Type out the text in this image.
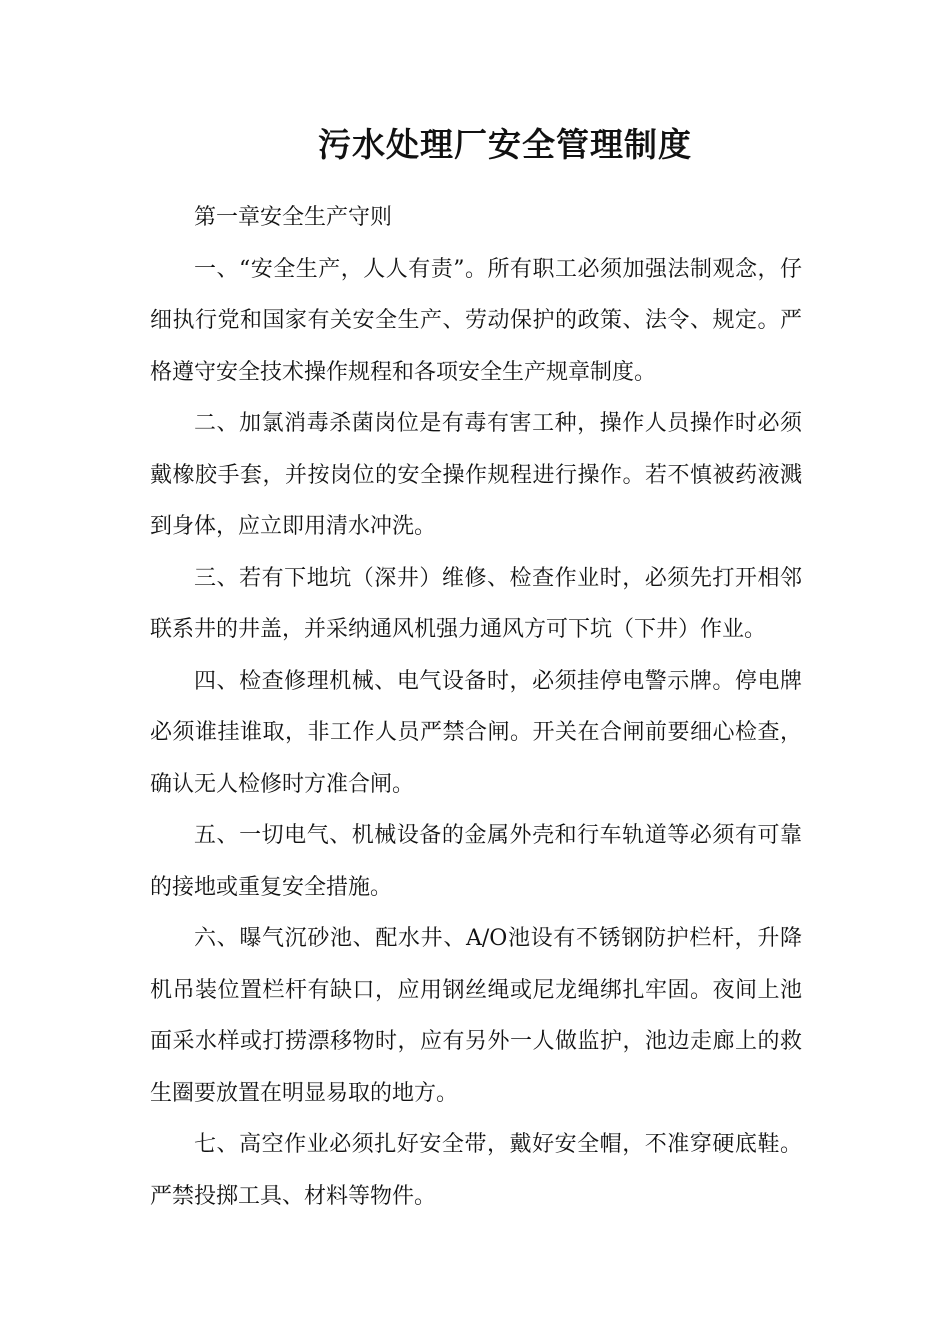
污水处理厂安全管理制度

第一章安全生产守则

一、“安全生产，人人有责”。所有职工必须加强法制观念，仔细执行党和国家有关安全生产、劳动保护的政策、法令、规定。严格遵守安全技术操作规程和各项安全生产规章制度。

二、加氯消毒杀菌岗位是有毒有害工种，操作人员操作时必须戴橡胶手套，并按岗位的安全操作规程进行操作。若不慎被药液溅到身体，应立即用清水冲洗。

三、若有下地坑（深井）维修、检查作业时，必须先打开相邻联系井的井盖，并采纳通风机强力通风方可下坑（下井）作业。

四、检查修理机械、电气设备时，必须挂停电警示牌。停电牌必须谁挂谁取，非工作人员严禁合闸。开关在合闸前要细心检查，确认无人检修时方准合闸。

五、一切电气、机械设备的金属外壳和行车轨道等必须有可靠的接地或重复安全措施。

六、曝气沉砂池、配水井、A/O池设有不锈钢防护栏杆，升降机吊装位置栏杆有缺口，应用钢丝绳或尼龙绳绑扎牢固。夜间上池面采水样或打捞漂移物时，应有另外一人做监护，池边走廊上的救生圈要放置在明显易取的地方。

七、高空作业必须扎好安全带，戴好安全帽，不准穿硬底鞋。严禁投掷工具、材料等物件。
